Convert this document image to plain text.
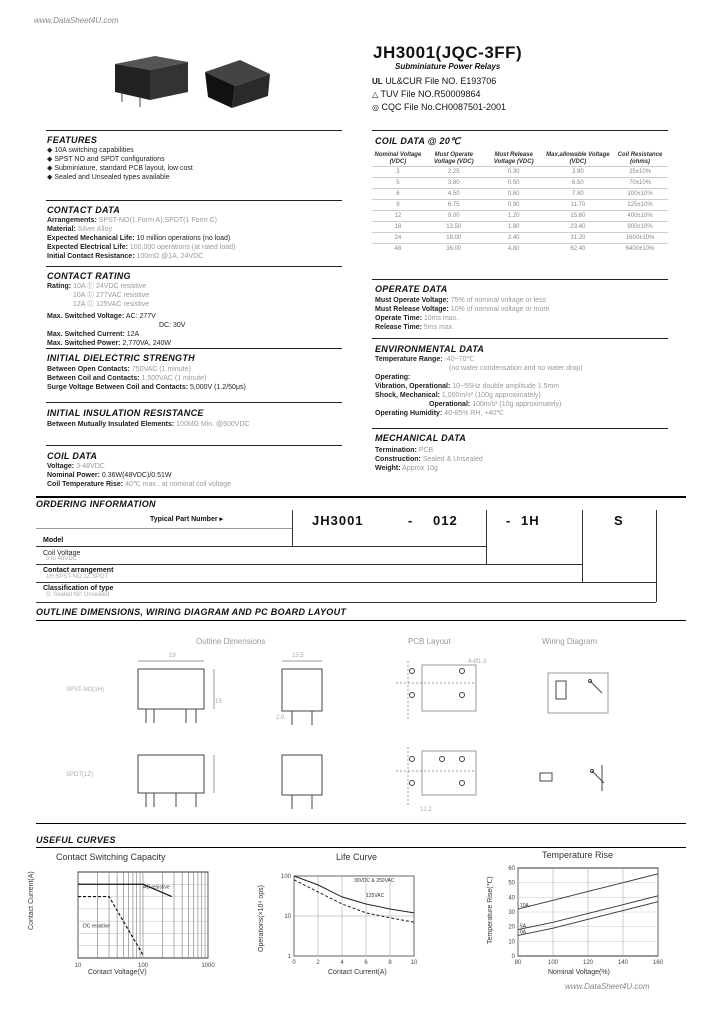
www.DataSheet4U.com
JH3001(JQC-3FF)
Subminiature Power Relays
UL UL&CUR File NO. E193706
△ TUV File NO.R50009864
◎ CQC File No.CH0087501-2001
FEATURES
◆ 10A switching capabilities
◆ SPST NO and SPDT configurations
◆ Subminiature, standard PCB layout, low cost
◆ Sealed and Unsealed types available
CONTACT DATA
Arrangements: SPST-NO(1 Form A),SPDT(1 Form C)
Material: Silver Alloy
Expected Mechanical Life: 10 million operations (no load)
Expected Electrical Life: 100,000 operations (at rated load)
Initial Contact Resistance: 100mΩ @1A, 24VDC
CONTACT RATING
Rating: 10A Ⓤ 24VDC resistive
10A Ⓤ 277VAC resistive
12A Ⓤ 125VAC resistive
Max. Switched Voltage: AC: 277V
DC: 30V
Max. Switched Current: 12A
Max. Switched Power: 2,770VA, 240W
INITIAL DIELECTRIC STRENGTH
Between Open Contacts: 750VAC (1 minute)
Between Coil and Contacts: 1,500VAC (1 minute)
Surge Voltage Between Coil and Contacts: 5,000V (1.2/50μs)
INITIAL INSULATION RESISTANCE
Between Mutually Insulated Elements: 100MΩ Min. @500VDC
COIL DATA
Voltage: 3-48VDC
Nominal Power: 0.36W(48VDC)/0.51W
Coil Temperature Rise: 40℃ max., at nominal coil voltage
COIL DATA @ 20℃
Nominal Voltage (VDC)	Must Operate Voltage (VDC)	Must Release Voltage (VDC)	Max.allowable Voltage (VDC)	Coil Resistance (ohms)
3	2.25	0.30	3.90	25±10%
5	3.80	0.50	6.50	70±10%
6	4.50	0.60	7.80	100±10%
9	6.75	0.90	11.70	225±10%
12	9.00	1.20	15.60	400±10%
18	13.50	1.80	23.40	900±10%
24	18.00	2.40	31.20	1600±10%
48	36.00	4.80	62.40	6400±10%
OPERATE DATA
Must Operate Voltage: 75% of nominal voltage or less
Must Release Voltage: 10% of nominal voltage or more
Operate Time: 10ms max.
Release Time: 5ms max.
ENVIRONMENTAL DATA
Temperature Range: -40~70℃
(no water condensation and no water drop)
Operating:
Vibration, Operational: 10~55Hz double amplitude 1.5mm
Shock, Mechanical: 1,000m/s² (100g approximately)
Operational: 100m/s² (10g approximately)
Operating Humidity: 40-85% RH, +40℃
MECHANICAL DATA
Termination: PCB
Construction: Sealed & Unsealed
Weight: Approx 10g
ORDERING INFORMATION
Typical Part Number ▸	JH3001	- 012	- 1H	S
Model
Coil Voltage
3 to 48VDC
Contact arrangement
1H:SPST-NO 1Z:SPDT
Classification of type
S: Sealed Nil: Unsealed
OUTLINE DIMENSIONS, WIRING DIAGRAM AND PC BOARD LAYOUT
Outline Dimensions	PCB Layout	Wiring Diagram
SPST-NO(1H)
SPDT(1Z)
19	15.5
15
12.2
4-Ø1.3
2.0
USEFUL CURVES
Contact Switching Capacity
Contact Voltage(V)
Contact Current(A)
10	100	1000
AC resistive
DC resistive
Life Curve
Contact Current(A)
Operations(×10⁴ ops)
0	2	4	6	8	10
100
10
1
30VDC & 250VAC
125VAC
Temperature Rise
Nominal Voltage(%)
Temperature Rise(℃)
80	100	120	140	160
0
10
20
30
40
50
60
10A
5A
0A
www.DataSheet4U.com
